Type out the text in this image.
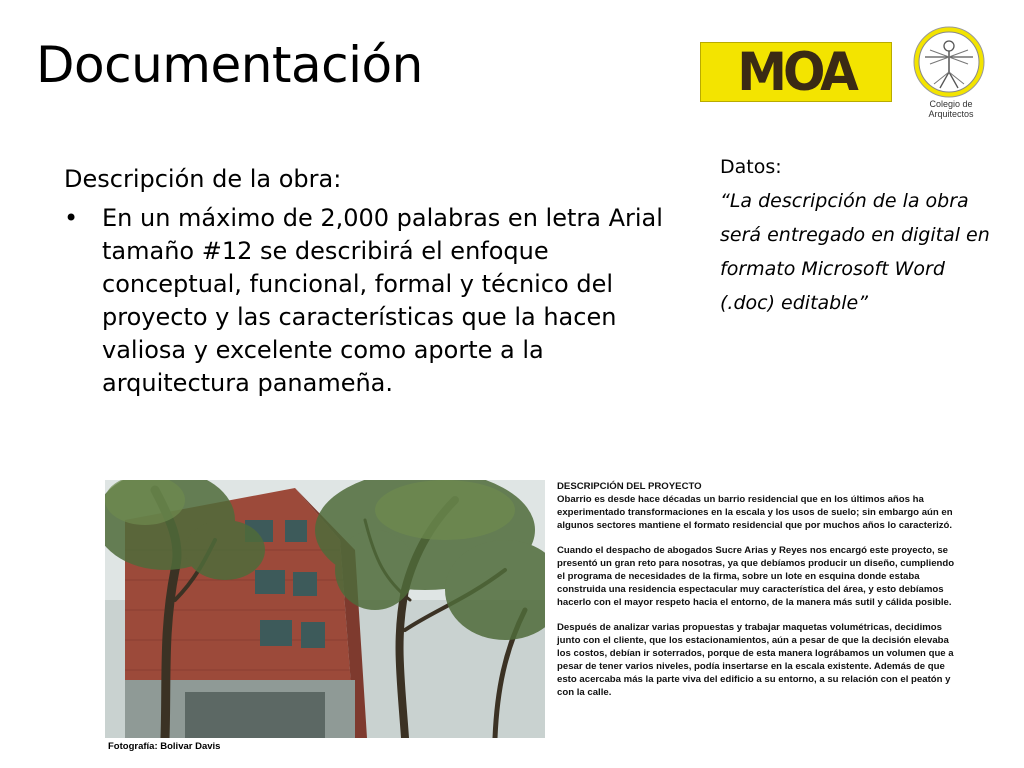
Documentación	MOA
Colegio de Arquitectos
Descripción de la obra:
• En un máximo de 2,000 palabras en letra Arial tamaño #12 se describirá el enfoque conceptual, funcional, formal y técnico del proyecto y las características que la hacen valiosa y excelente como aporte a la arquitectura panameña.
Datos:
“La descripción de la obra será entregado en digital en formato Microsoft Word (.doc) editable”
Fotografía: Bolivar Davis
DESCRIPCIÓN DEL PROYECTO

Obarrio es desde hace décadas un barrio residencial que en los últimos años ha experimentado transformaciones en la escala y los usos de suelo; sin embargo aún en algunos sectores mantiene el formato residencial que por muchos años lo caracterizó.

Cuando el despacho de abogados Sucre Arias y Reyes nos encargó este proyecto, se presentó un gran reto para nosotras, ya que debíamos producir un diseño, cumpliendo el programa de necesidades de la firma, sobre un lote en esquina donde estaba construida una residencia espectacular muy característica del área, y esto debíamos hacerlo con el mayor respeto hacia el entorno, de la manera más sutil y cálida posible.

Después de analizar varias propuestas y trabajar maquetas volumétricas, decidimos junto con el cliente, que los estacionamientos, aún a pesar de que la decisión elevaba los costos, debían ir soterrados, porque de esta manera lográbamos un volumen que a pesar de tener varios niveles, podía insertarse en la escala existente. Además de que esto acercaba más la parte viva del edificio a su entorno, a su relación con el peatón y con la calle.
